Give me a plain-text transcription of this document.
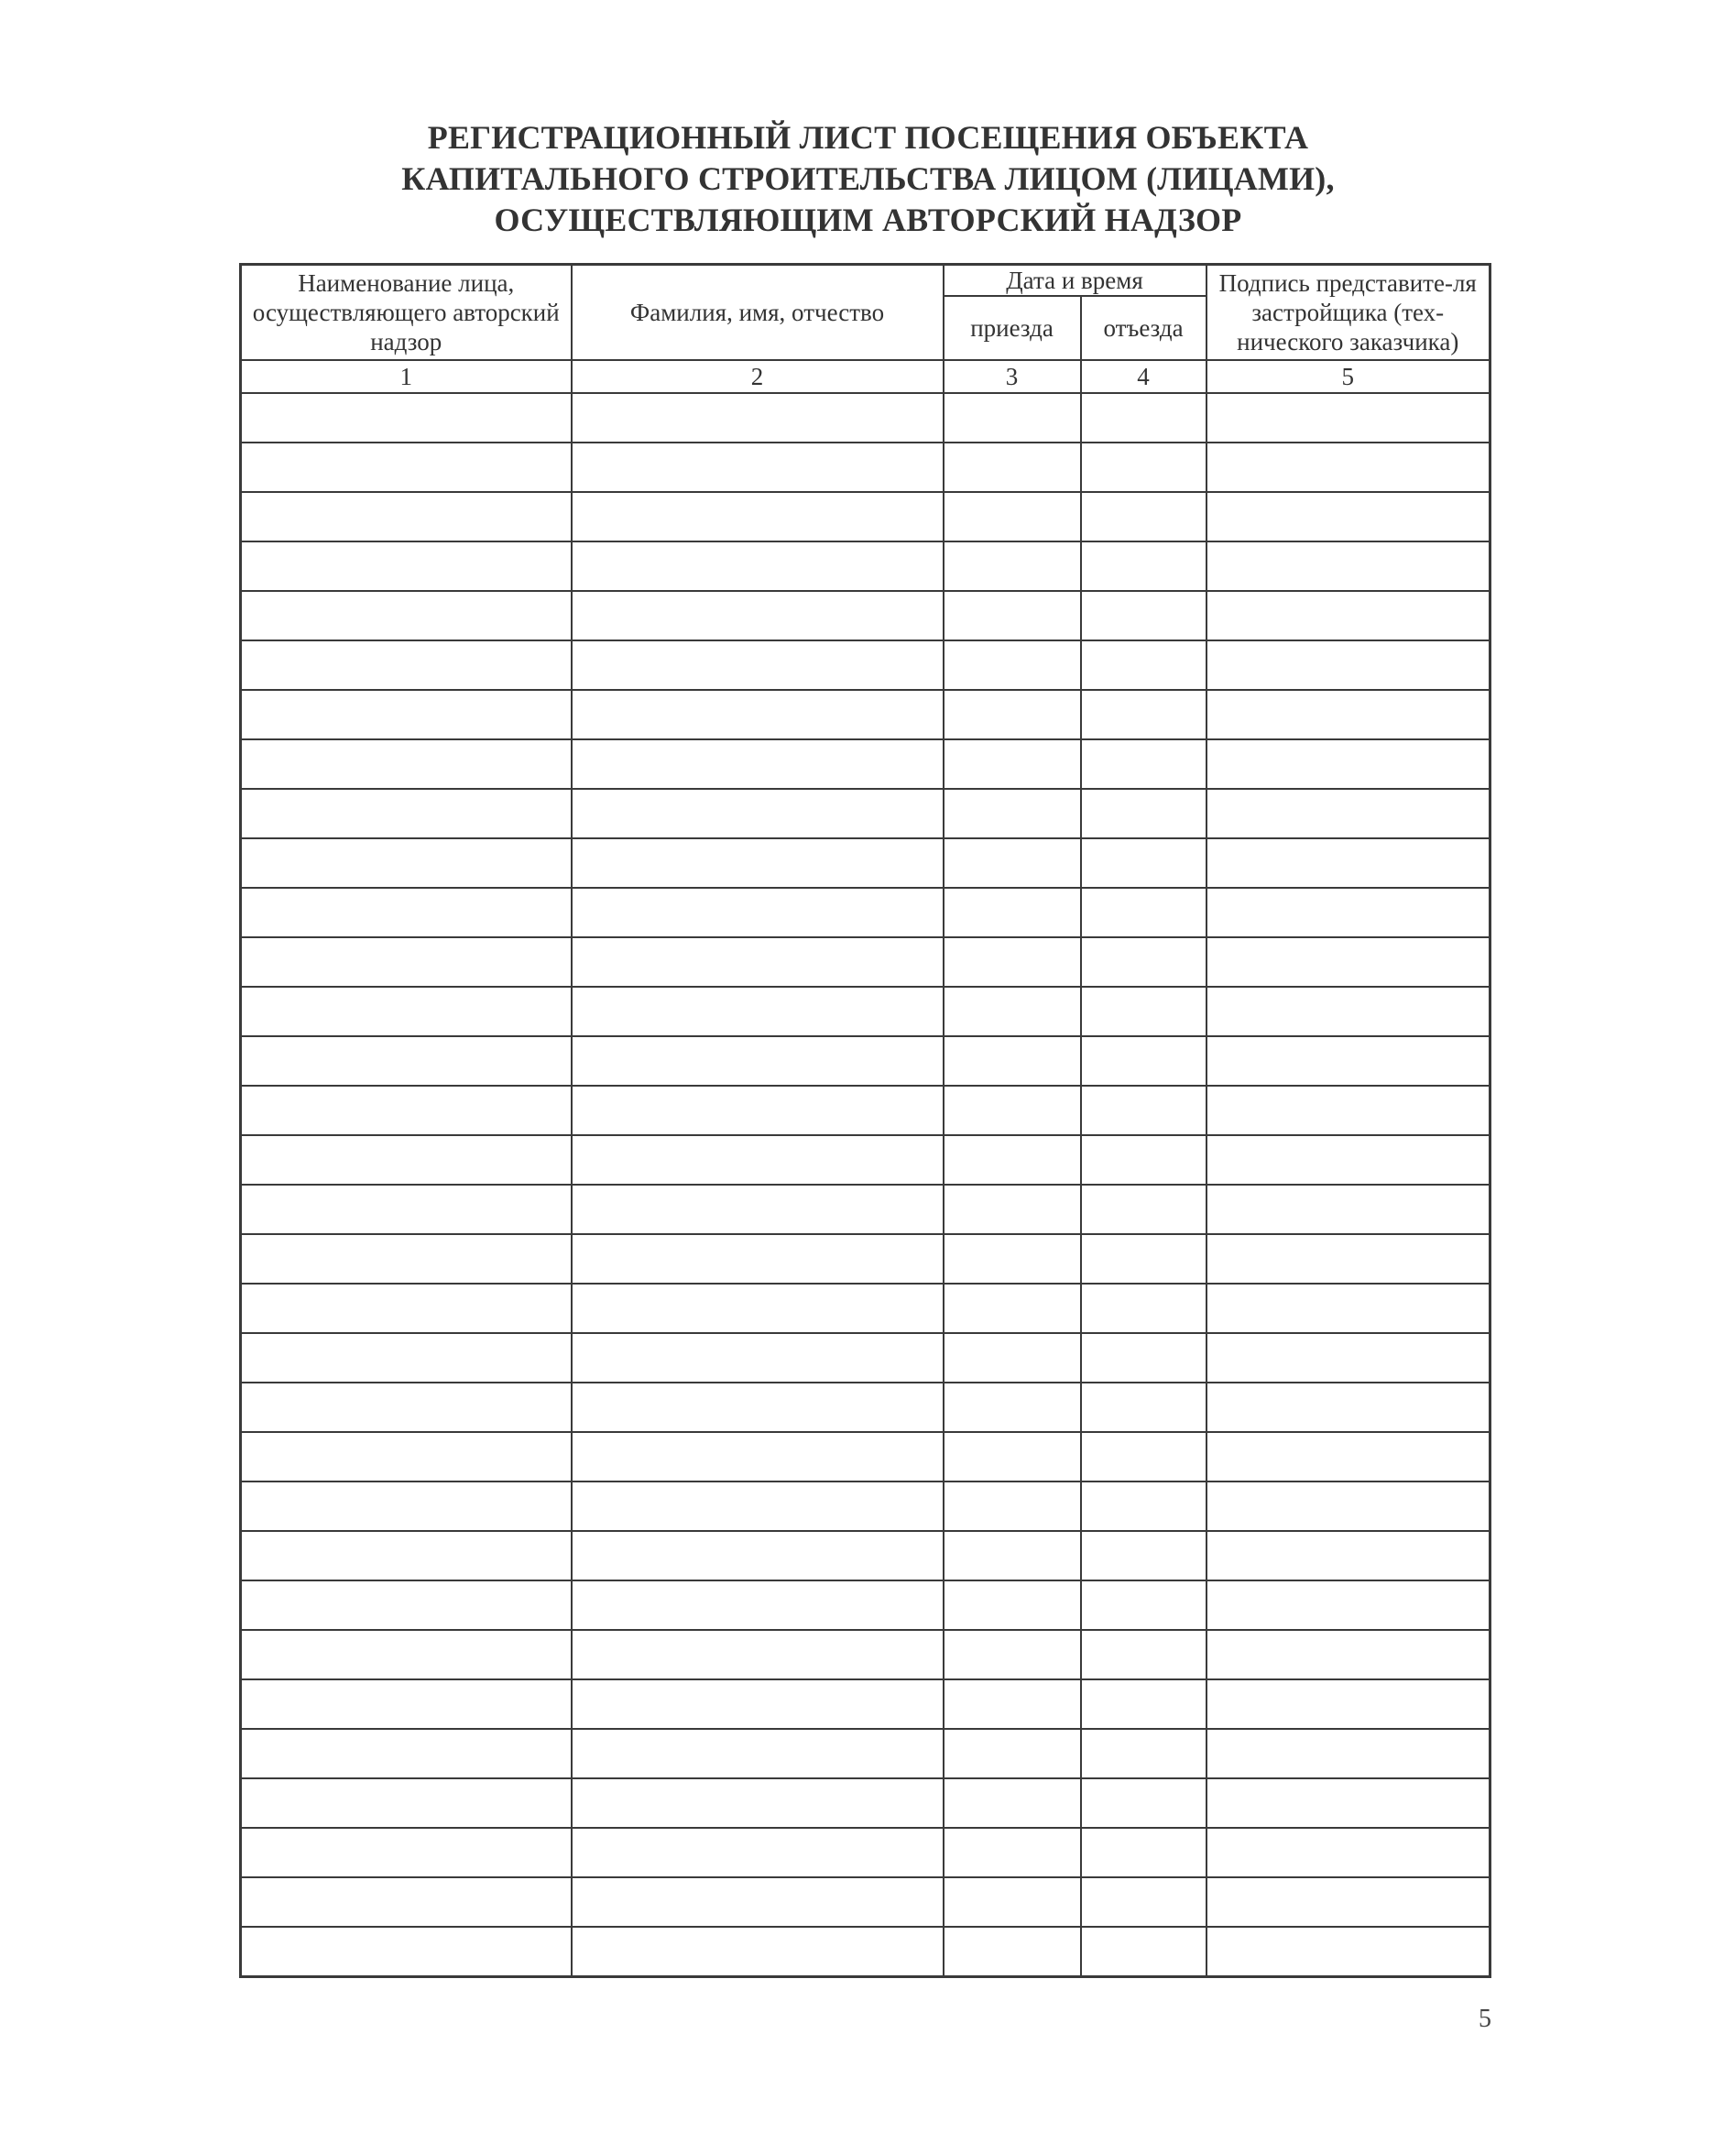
РЕГИСТРАЦИОННЫЙ ЛИСТ ПОСЕЩЕНИЯ ОБЪЕКТА
КАПИТАЛЬНОГО СТРОИТЕЛЬСТВА ЛИЦОМ (ЛИЦАМИ),
ОСУЩЕСТВЛЯЮЩИМ АВТОРСКИЙ НАДЗОР
Наименование лица, осуществляющего авторский надзор	Фамилия, имя, отчество	Дата и время		Подпись представите-ля застройщика (тех-нического заказчика)

		приезда	отъезда	

1	2	3	4	5

5
